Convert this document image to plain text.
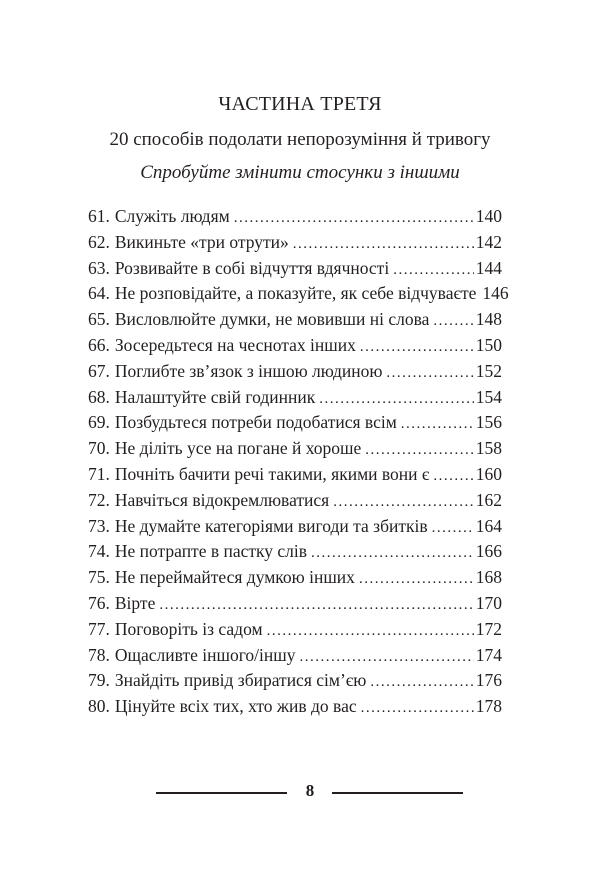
ЧАСТИНА ТРЕТЯ
20 способів подолати непорозуміння й тривогу
Спробуйте змінити стосунки з іншими
61. Служіть людям .....	140
62. Викиньте «три отрути» .....	142
63. Розвивайте в собі відчуття вдячності .....	144
64. Не розповідайте, а показуйте, як себе відчуваєте 146
65. Висловлюйте думки, не мовивши ні слова .....	148
66. Зосередьтеся на чеснотах інших .....	150
67. Поглибте зв’язок з іншою людиною .....	152
68. Налаштуйте свій годинник .....	154
69. Позбудьтеся потреби подобатися всім .....	156
70. Не діліть усе на погане й хороше .....	158
71. Почніть бачити речі такими, якими вони є .....	160
72. Навчіться відокремлюватися .....	162
73. Не думайте категоріями вигоди та збитків .....	164
74. Не потрапте в пастку слів .....	166
75. Не переймайтеся думкою інших .....	168
76. Вірте .....	170
77. Поговоріть із садом .....	172
78. Ощасливте іншого/іншу .....	174
79. Знайдіть привід збиратися сім’єю .....	176
80. Цінуйте всіх тих, хто жив до вас .....	178
8
